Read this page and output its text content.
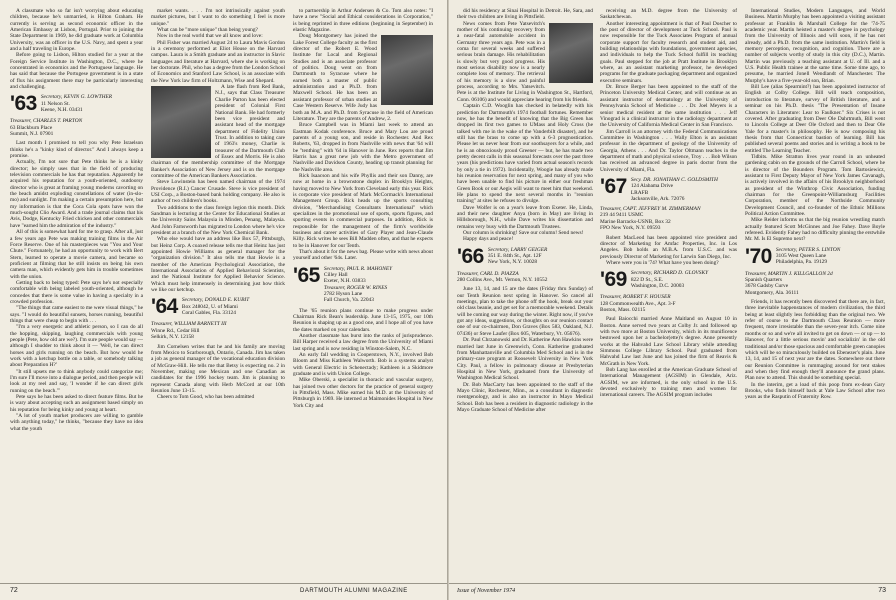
A classmate who so far isn't worrying about educating children, because he's unmarried, is Hilton Graham. He currently is serving as second economic officer in the American Embassy at Lisbon, Portugal. Prior to joining the State Department in 1969, he did graduate work at Columbia University, was an officer in the U.S. Navy, and spent a year and a half traveling in Europe.

Before going to Lisbon, Hilton studied for a year at the Foreign Service Institute in Washington, D.C., where he concentrated in economics and the Portuguese language. He has said that because the Portugese government is in a state of flux his assignment there may be particularly interesting and challenging.

'63 Secretary, KEVIN G. LOWTHER
11 Nelson St.
Keene, N.H. 03431
Treasurer, CHARLES T. PARTON
63 Blackburn Place
Summit, N.J. 07901

Last month I promised to tell you why Pete Israelson thinks he's a "kinky kind of director." And I always keep a promise.

Actually, I'm not sure that Pete thinks he is a kinky director; he simply uses that in the field of producing television commercials he has that reputation. Apparently he acquired his reputation for a youth-oriented, outdoorsy director who is great at framing young moderns cavorting on the beach amidst exploding constellations of water (in-slo-mo) and sunlight. I'm making a certain presumption here, but my information is that the Coca Cola spots have won the much-sought Clio Award. And a trade journal claims that his Avis, Dodge, Kentucky Fried chicken and other commercials have "earned him the admiration of the industry."

All of this is somewhat hard for me to grasp. After all, just a few years ago Pete was making training films in the Air Force Reserve. One of his masterpieces was "You and Your Chute." Fortunately, he had an opportunity to work with Bert Stern, learned to operate a movie camera, and became so proficient at filming that he still insists on being his own camera man, which evidently gets him in trouble sometimes with the union.

Getting back to being typed: Pete says he's not especially comfortable with being labeled youth-oriented, although he concedes that there is some value in having a specialty in a crowded profession.

"The things that came easiest to me were visual things," he says. "I would do beautiful sunsets, horses running, beautiful things that were cheap to begin with . . .

"I'm a very energetic and athletic person, so I can do all the hopping, skipping, laughing commercials with young people (Pete, how old are we?). I'm sure people would say — although I shudder to think about it — 'Well, he can direct horses and girls running on the beach. But how would he work with a ketchup bottle on a table, or somebody talking about Preparation H?'

"It still upsets me to think anybody could categorize me; I'm sure I'll move into a dialogue period, and then people will look at my reel and say, 'I wonder if he can direct girls running on the beach.'"

Pete says he has been asked to direct feature films. But he is wary about accepting such an assignment based simply on his reputation for being kinky and young at heart.

"A lot of youth market producers are willing to gamble with anything today," he thinks, "because they have no idea what the youth

market wants. . . . I'm not intrinsically against youth market pictures, but I want to do something I feel is more unique."

What can be "more unique" than being young?

Now in the real world that we all know and love:

Phil Fisher was married August 24 to Laura Mavis Gordon in a ceremony performed at Eliot House on the Harvard campus. Laura is a Smith graduate and an instructor in Slavic languages and literature at Harvard, where she is working on her doctorate. Phil, who has a degree from the London School of Economics and Stanford Law School, is an associate with the New York law firm of Holtzmann, Wise and Shepard.

A late flash from Red Bank, N.J., says that Class Treasurer Charlie Parton has been elected president of Colonial First National Bank. He had formerly been vice president and assistant head of the mortgage department of Fidelity Union Trust. In addition to taking care of 1963's money, Charlie is treasurer of the Dartmouth Club of Essex and Morris. He is also chairman of the membership committee of the Mortgage Banker's Association of New Jersey and is on the mortgage committee of the American Bankers Association.

Steve Lowinstein has been named chairman of the 1974 Providence (R.I.) Cancer Crusade. Steve is vice president of USI Corp., a Boston-based bank holding company. He also is author of two children's books.

Two additions to the class foreign legion this month. Dick Sandman is lecturing at the Center for Educational Studies at the University Sains Malaysia in Minden, Penang, Malaysia. And John Farnsworth has migrated to London where he's vice president at a branch of the New York Chemical Bank.

Who else would have an address like Box 57, Pittsburgh, but Heinz Corp. A coaxed release tells me that Heinz has just appointed Howie Williams as general manager for the "organization division." It also tells me that Howie is a member of the American Psychological Association, the International Association of Applied Behavioral Scientists, and the National Institute for Applied Behavior Science. Which must help immensely in determining just how thick we like our ketchup.

'64 Secretary, DONALD E. KUBIT
Box 248042, U. of Miami
Coral Gables, Fla. 33124
Treasurer, WILLIAM BARNETT III
Winne Rd., Cedar Hill
Selkirk, N.Y. 12158

Jim Cornelsen writes that he and his family are moving from Mexico to Scarborough, Ontario, Canada. Jim has taken a job as general manager of the vocational education division of McGraw-Hill. He tells me that Betsy is expecting no. 2 in November, making one Mexican and one Canadian as candidates for the 1996 hockey team. Jim is planning to represent Canada along with Herb McCord at our 10th Reunion June 13-15.

Cheers to Tom Good, who has been admitted

to partnership in Arthur Andersen & Co. Tom also notes: "I have a new "Social and Ethical considerations in Corporation," is being reprinted in three editions (beginning in September) in elastic Magazine.

Doug Montgomery has joined the Lake Forest College faculty as the first director of the Robert E. Wood Institute for Local and Regional Studies and is an associate professor of politics. Doug went on from Dartmouth to Syracuse where he earned both a master of public administration and a Ph.D. from Maxwell School. He has been an assistant professor of urban studies at Case Western Reserve. Wife Judy has both an M.A. and Ph.D. from Syracuse in the field of American Literature. They are the parents of Andrew, 2.

Bruce Campbell was in Miami last week to attend an Eastman Kodak conference. Bruce and Mary Lou are proud parents of a young son, and reside in Rochester. And Rex Roberts, '63, dropped in from Nashville with news that '64 will be "tenthing" with '64 in Hanover in June. Rex reports that Jim Harris has a great new job with the Metro government of Nashville and Davidson County, heading up transit planning for the Nashville area.

Rick Isaacson and his wife Phyllis and their son Danny, are now at home in a brownstone duplex in Brooklyn Heights, having moved to New York from Cleveland early this year. Rick is corporate vice president of Mark McCormack's International Management Group. Rick heads up the sports consulting division, "Merchandising Consultants International" which specializes in the promotional use of sports, sports figures, and sporting events in commercial purposes. In addition, Rick is responsible for the management of the firm's worldwide business and career activities of Gary Player and Jean-Claude Killy. Rick writes he sees Bill Madden often, and that he expects to be in Hanover for our Tenth.

That's about it for the news bag. Please write with news about yourself and other '64s. Later.

'65 Secretary, PAUL R. MAHONEY
Cilley Hall
Exeter, N.H. 03833
Treasurer, ROGER W. RINES
2782 Hyson Lane
Fall Church, Va. 22043

The '65 reunion plans continue to make progress under Chairman Rick Bean's leadership. June 13-15, 1975, our 10th Reunion is shaping up as a good one, and I hope all of you have the dates marked on your calendars.

Another classmate has burst into the ranks of jurisprudence. Bill Harper received a law degree from the University of Miami last spring and is now residing in Winston-Salem, N.C.

An early fall wedding in Cooperstown, N.Y., involved Bob Bloom and Miss Kathleen Walworth. Bob is a systems analyst with General Electric in Schenectady; Kathleen is a Skidmore graduate and is with Union College.

Mike Oberski, a specialist in thoracic and vascular surgery, has joined two other doctors for the practice of general surgery in Pittsfield, Mass. Mike earned his M.D. at the University of Pittsburgh in 1969. He interned at Maimonides Hospital in New York City and

72	DARTMOUTH ALUMNI MAGAZINE

did his residency at Sinai Hospital in Detroit. He, Sara, and their two children are living in Pittsfield.

News comes from Pete Yatsevitch's mother of his continuing recovery from a near-fatal automobile accident in Germany three years ago. Pete was in a coma for several weeks and suffered serious brain damage. His rehabilitation is slowly but very good progress. His most serious disability now is a nearly complete loss of memory. The retrieval of his memory is a slow and painful process, according to Mrs. Yatsevitch. Pete is at the Institute for Living in Washington St., Hartford, Conn. 06106) and would appreciate hearing from his friends.

Captain C.D. Wooglin has checked in belatedly with his prediction for Dartmouth's 1974 football fortunes. Remember now, he has the benefit of knowing that the Big Green has dropped its first two games to UMass and Holy Cross (he talked with me in the wake of the Vanderbilt disaster), and he still has the brass to come up with a 6-3 prognostication. Please let us never hear from our soothsayers for a while, and he is an obnoxiously proud Greener — but, he has made two pretty decent calls in this seasonal forecasts over the past three years (his predictions have varied from actual season's records by only a tie in 1972). Incidentally, Woogie has already made his reunion reservation for next spring, and many of you who have been unable to find his picture in either our freshman Green Book or our Aegis will want to meet him that weekend. He plans to spend the next several months in "reunion training" at sites he refuses to divulge.

Dave Wolfer is on a year's leave from Exeter. He, Linda, and their new daughter Anya (born in May) are living in Hillsborough, N.H., while Dave writes his dissertation and remains very busy with the Dartmouth Trustees.

Our column is shrinking! Save our column! Send news!

Happy days and peace!

'66 Secretary, LARRY GEIGER
351 E. 84th St., Apt. 12F
New York, N.Y. 10028
Treasurer, CARL D. PIAZZA
280 Collins Ave., Mt. Vernon, N.Y. 10552

June 13, 14, and 15 are the dates (Friday thru Sunday) of our Tenth Reunion next spring in Hanover. So cancel all meetings, plan to take the phone off the hook, break out your old class beanie, and get set for a memorable weekend. Details will be coming our way during the winter. Right now, if you've got any ideas, suggestions, or thoughts on our reunion contact one of our co-chairmen, Don Graves (Box 583, Oakland, N.J. 07436) or Steve Laufer (Box 605, Waterbury, Vt. 05676).

Dr. Paul Chrzanowski and Dr. Katherine Ann Hawkins were married last June in Greenwich, Conn. Katherine graduated from Manhattanville and Columbia Med School and is in the primary-care program at Roosevelt University in New York City. Paul, a fellow in pulmonary disease at Presbyterian Hospital in New York, graduated from the University of Washington Medical School.

Dr. Bob MacCarty has been appointed to the staff of the Mayo Clinic, Rochester, Minn., as a consultant in diagnostic roentgenology, and is also an instructor in Mayo Medical School. Bob has been a resident in diagnostic radiology in the Mayo Graduate School of Medicine after

receiving an M.D. degree from the University of Saskatchewan.

Another interesting appointment is that of Paul Doscher to the post of director of development at Tuck School. Paul is now responsible for the Tuck Associates Program of annual corporate support for faculty research and student aid, and building relationships with foundations, government agencies, and individuals to help the Tuck School fulfill its teaching goals. Paul stepped for the job at Pratt Institute in Brooklyn where, as an assistant marketing professor, he developed programs for the graduate packaging department and organized executive seminars.

Dr. Bruce Berger has been appointed to the staff of the Princeton University Medical Center, and will continue as an assistant instructor of dermatology at the University of Pennsylvania School of Medicine . . . Dr. Joel Meyers is a senior medical resident at the same institution . . . Jeff Vinograd is a clinical instructor in the radiology department at the University of California Medical Center in San Francisco.

Jim Carroll is an attorney with the Federal Communications Committee in Washington . . . Wally Elton is an assistant professor in the department of geology of the University of Georgia, Athens . . . And Dr. Taylor Oltmann teaches in the department of math and physical science, Troy . . . Bob Wilson has received an advanced degree in paris doctor from the University of Miami, Fla.

'67 Secy. DR. JONATHAN C. GOLDSMITH
124 Alabama Drive
LRAFB
Jacksonville, Ark. 72076
Treasurer, CAPT. JEFFREY M. ZIMMERMAN
219 44 9411 USMC
Marine Barracks-USNB, Box 32
FPO New York, N.Y. 09593

Robert MacLeod has been appointed vice president and director of Marketing for Amfac Properties, Inc. in Los Angeles. Bob holds an M.B.A. from U.S.C. and was previously Director of Marketing for Larwin San Diego, Inc.

Where were you in '74? What have you been doing?

'69 Secretary, RICHARD D. GLOVSKY
822 D St., S.E.
Washington, D.C. 20003
Treasurer, ROBERT F. HOUSER
128 Commonwealth Ave., Apt. 3-F
Boston, Mass. 02115

Paul Baiocchi married Anne Maitland on August 10 in Boston. Anne served two years at Colby Jr. and followed up with two more at Boston University, which in its munificence bestowed upon her a bachelor(ette)'s degree. Anne presently works at the Hahvahd Law School Library while attending Simmons College Library School. Paul graduated from Hahvahd Law last June and has joined the firm of Reavis & McGrath in New York.

Bob Lang has enrolled at the American Graduate School of International Management (AGSIM) in Glendale, Ariz. AGSIM, we are informed, is the only school in the U.S. devoted exclusively to training men and women for international careers. The AGSIM program includes

International Studies, Modern Languages, and World Business. Martin Murphy has been appointed a visiting assistant professor at Franklin & Marshall College for the '74-75 academic year. Martin heisted a master's degree in psychology from the University of Illinois and will soon, if he has not already, add a Ph.D. from the same institution. Martin's field is memory perception, recognition, and cognition. There are a number of subjects worthy of study in this city (D.C.), Martin. Martin was previously a teaching assistant at U. of Ill. and a U.S. Public Health trainee at the same time. Some time ago, to presume, he married Jonell Wendlandt of Manchester. The Murphy's have a five-year-old son, Brian.

Bill Lee (alias Spearmint?) has been appointed instructor of English at Colby College. Bill will teach composition, introduction to literature, survey of British literature, and a seminar on his Ph.D. thesis "The Presentation of Insane Characters in Literature: Lear to Faulkner." Six Crises is not covered. After graduating from Deer Ole Dahrtmuth, Bill went to Lincoln College at Deer Ole Oxford and then to Dear Ole Yale for a master's in philosophy. He is now composing his thesis from that Connecticut bastion of learning. Bill has published several poems and stories and is writing a book to be entitled The Learning Teacher.

Tidbits. Mike Stratton lives year round in an unheated gardening cabin on the grounds of the Carroll School, where he is director of the Bounders Program. Tom Bartosiewicz, assistant to First Deputy Mayor of New York James Cavanagh, is actively involved in the affairs of his Brooklyn neighborhood as president of the Winthrop Civic Association, funding chairman for the Greenpoint-Williamsburg Facilities Corporation, member of the Northside Community Development Council, and co-founder of the Ethnic Millions Political Action Committee.

Mike Reider informs us that the big reunion wrestling match actually featured Scott McGinnes and Joe Fahey. Dave Boyle refereed. Evidently Fahey had no difficulty pinning the erstwhile Mr. M. Is El Supremo next?

'70 Secretary, PETER S. LINTON
3105 West Queen Lane
Philadelphia, Pa. 19129
Treasurer, MARTIN J. KILLGALLON 2d
Spanish Quarters
3678 Gadsby Curve
Montgomery, Ala. 36111

Friends, it has recently been discovered that there are, in fact, three inevitable happenstances of modern civilization, the third being at least slightly less forbidding than the original two. We refer of course to the Dartmouth Class Reunion — more frequent, more irresistable than the seven-year itch. Come nine months or so and we're all invited to get on down — or up — to Hanover, for a little serious movin' and socializin' in the old traditional and/or those spacious and comfortable green canopies which will be so miraculously builded on Ebenezer's plain. June 13, 14, and 15 of next year are the dates. Somewhere out there our Reunion Committee is rummaging around for tent stakes and when they find enough they'll announce the grand plans. Plan now to attend. This should be something special.

In the interim, get a load of this poop from ex-dean Gary Brooks, who finds himself back at Yale Law School after two years as the Rasputin of Fraternity Row.

Issue of November 1974	73
